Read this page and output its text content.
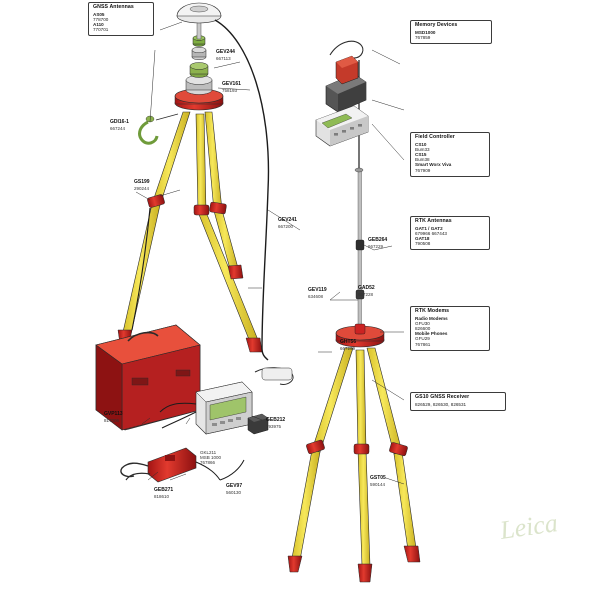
GNSS Antennas
AS05
778700
A110
770701
Memory Devices
MSD1000
767859
Field Controller
CS10
Bum33
CS15
Bum38
Smart Worx Viva
767909
RTK Antennas
GAT1 / GAT2
679966 667443
GAT18
790508
RTK Modems
Radio Modems
GFU30
826600
Mobile Phones
GFU29
767861
GS10 GNSS Receiver
826529, 826530, 826531
GEV244
667113
GEV161
758193
GDI16-1
667244
GS199
290244
GEV241
667200
GEV119
634608
GEB264
667229
GAD52
667228
GHT56
667299
GVP113
817006
GEB271
818610
GEV97
560130
GEB212
793975
GKL211
MSB 1000
767866
GST05
590144
Leica
